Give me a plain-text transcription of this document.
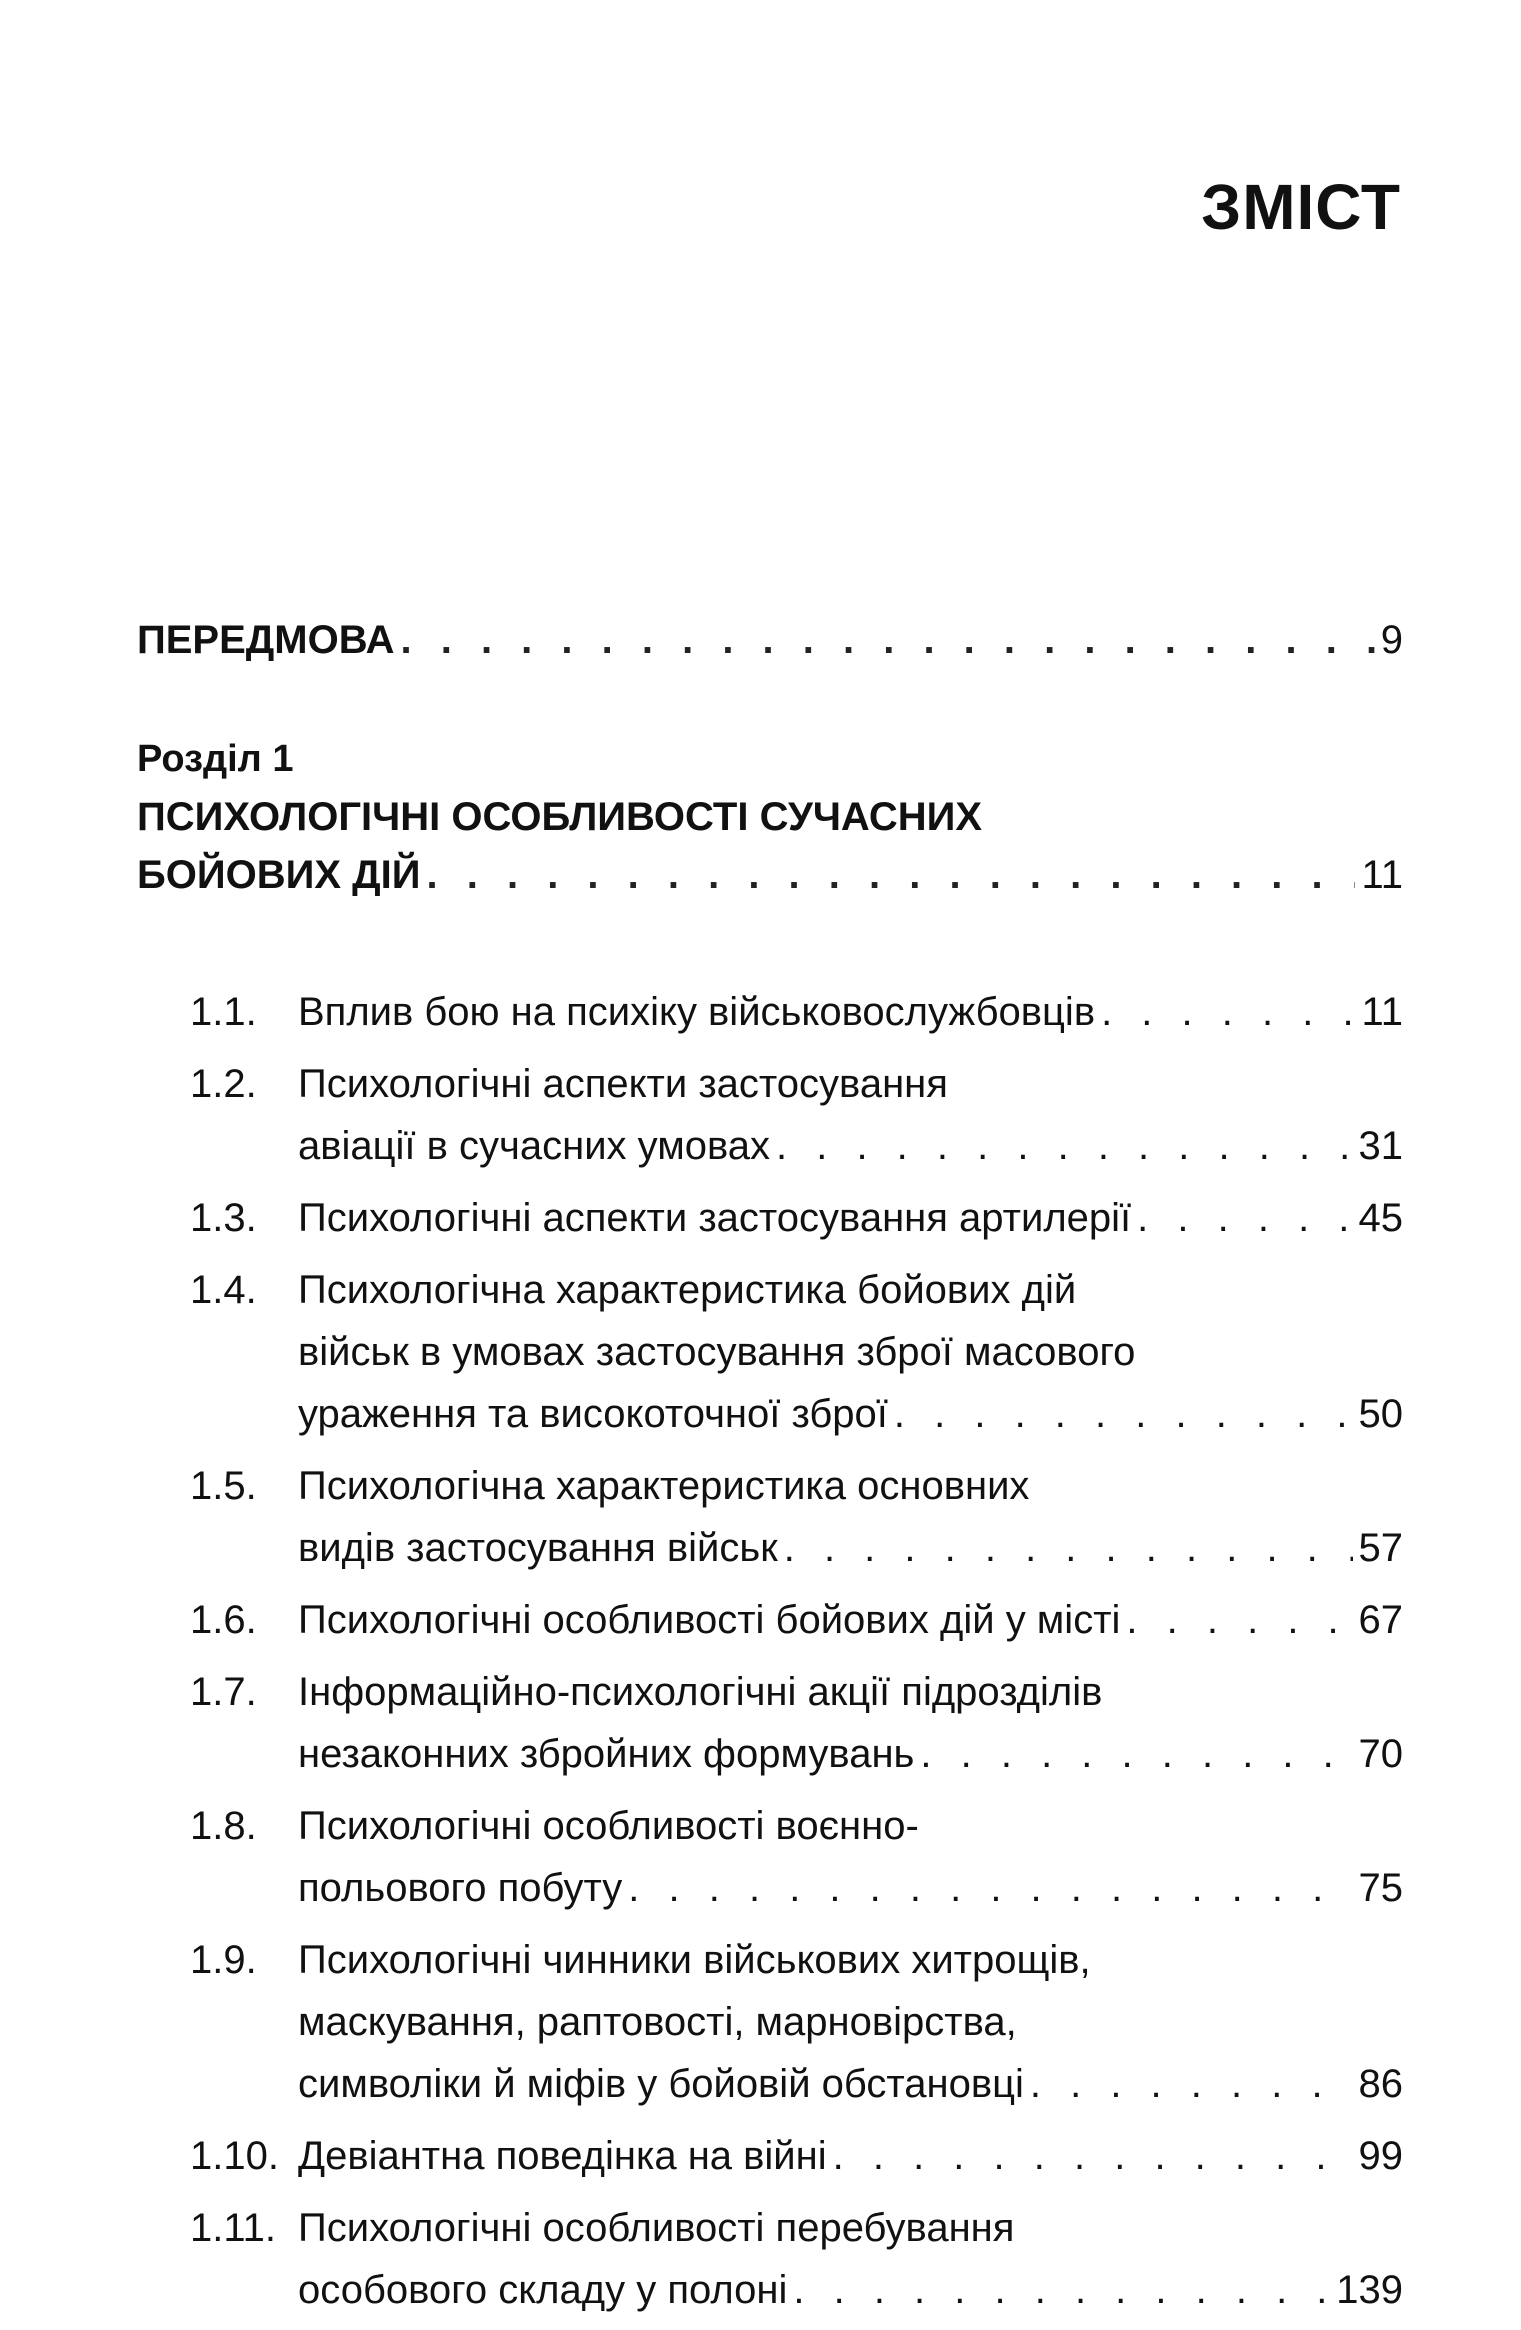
ЗМІСТ
ПЕРЕДМОВА . . .	9
Розділ 1
ПСИХОЛОГІЧНІ ОСОБЛИВОСТІ СУЧАСНИХ
БОЙОВИХ ДІЙ . . .	11
1.1.	Вплив бою на психіку військовослужбовців . . .	11
1.2.	Психологічні аспекти застосування
авіації в сучасних умовах . . .	31
1.3.	Психологічні аспекти застосування артилерії . . .	45
1.4.	Психологічна характеристика бойових дій
військ в умовах застосування зброї масового
ураження та високоточної зброї . . .	50
1.5.	Психологічна характеристика основних
видів застосування військ . . .	57
1.6.	Психологічні особливості бойових дій у місті . . .	67
1.7.	Інформаційно-психологічні акції підрозділів
незаконних збройних формувань . . .	70
1.8.	Психологічні особливості воєнно-
польового побуту . . .	75
1.9.	Психологічні чинники військових хитрощів,
маскування, раптовості, марновірства,
символіки й міфів у бойовій обстановці . . .	86
1.10. Девіантна поведінка на війні . . .	99
1.11. Психологічні особливості перебування
особового складу у полоні . . .	139
